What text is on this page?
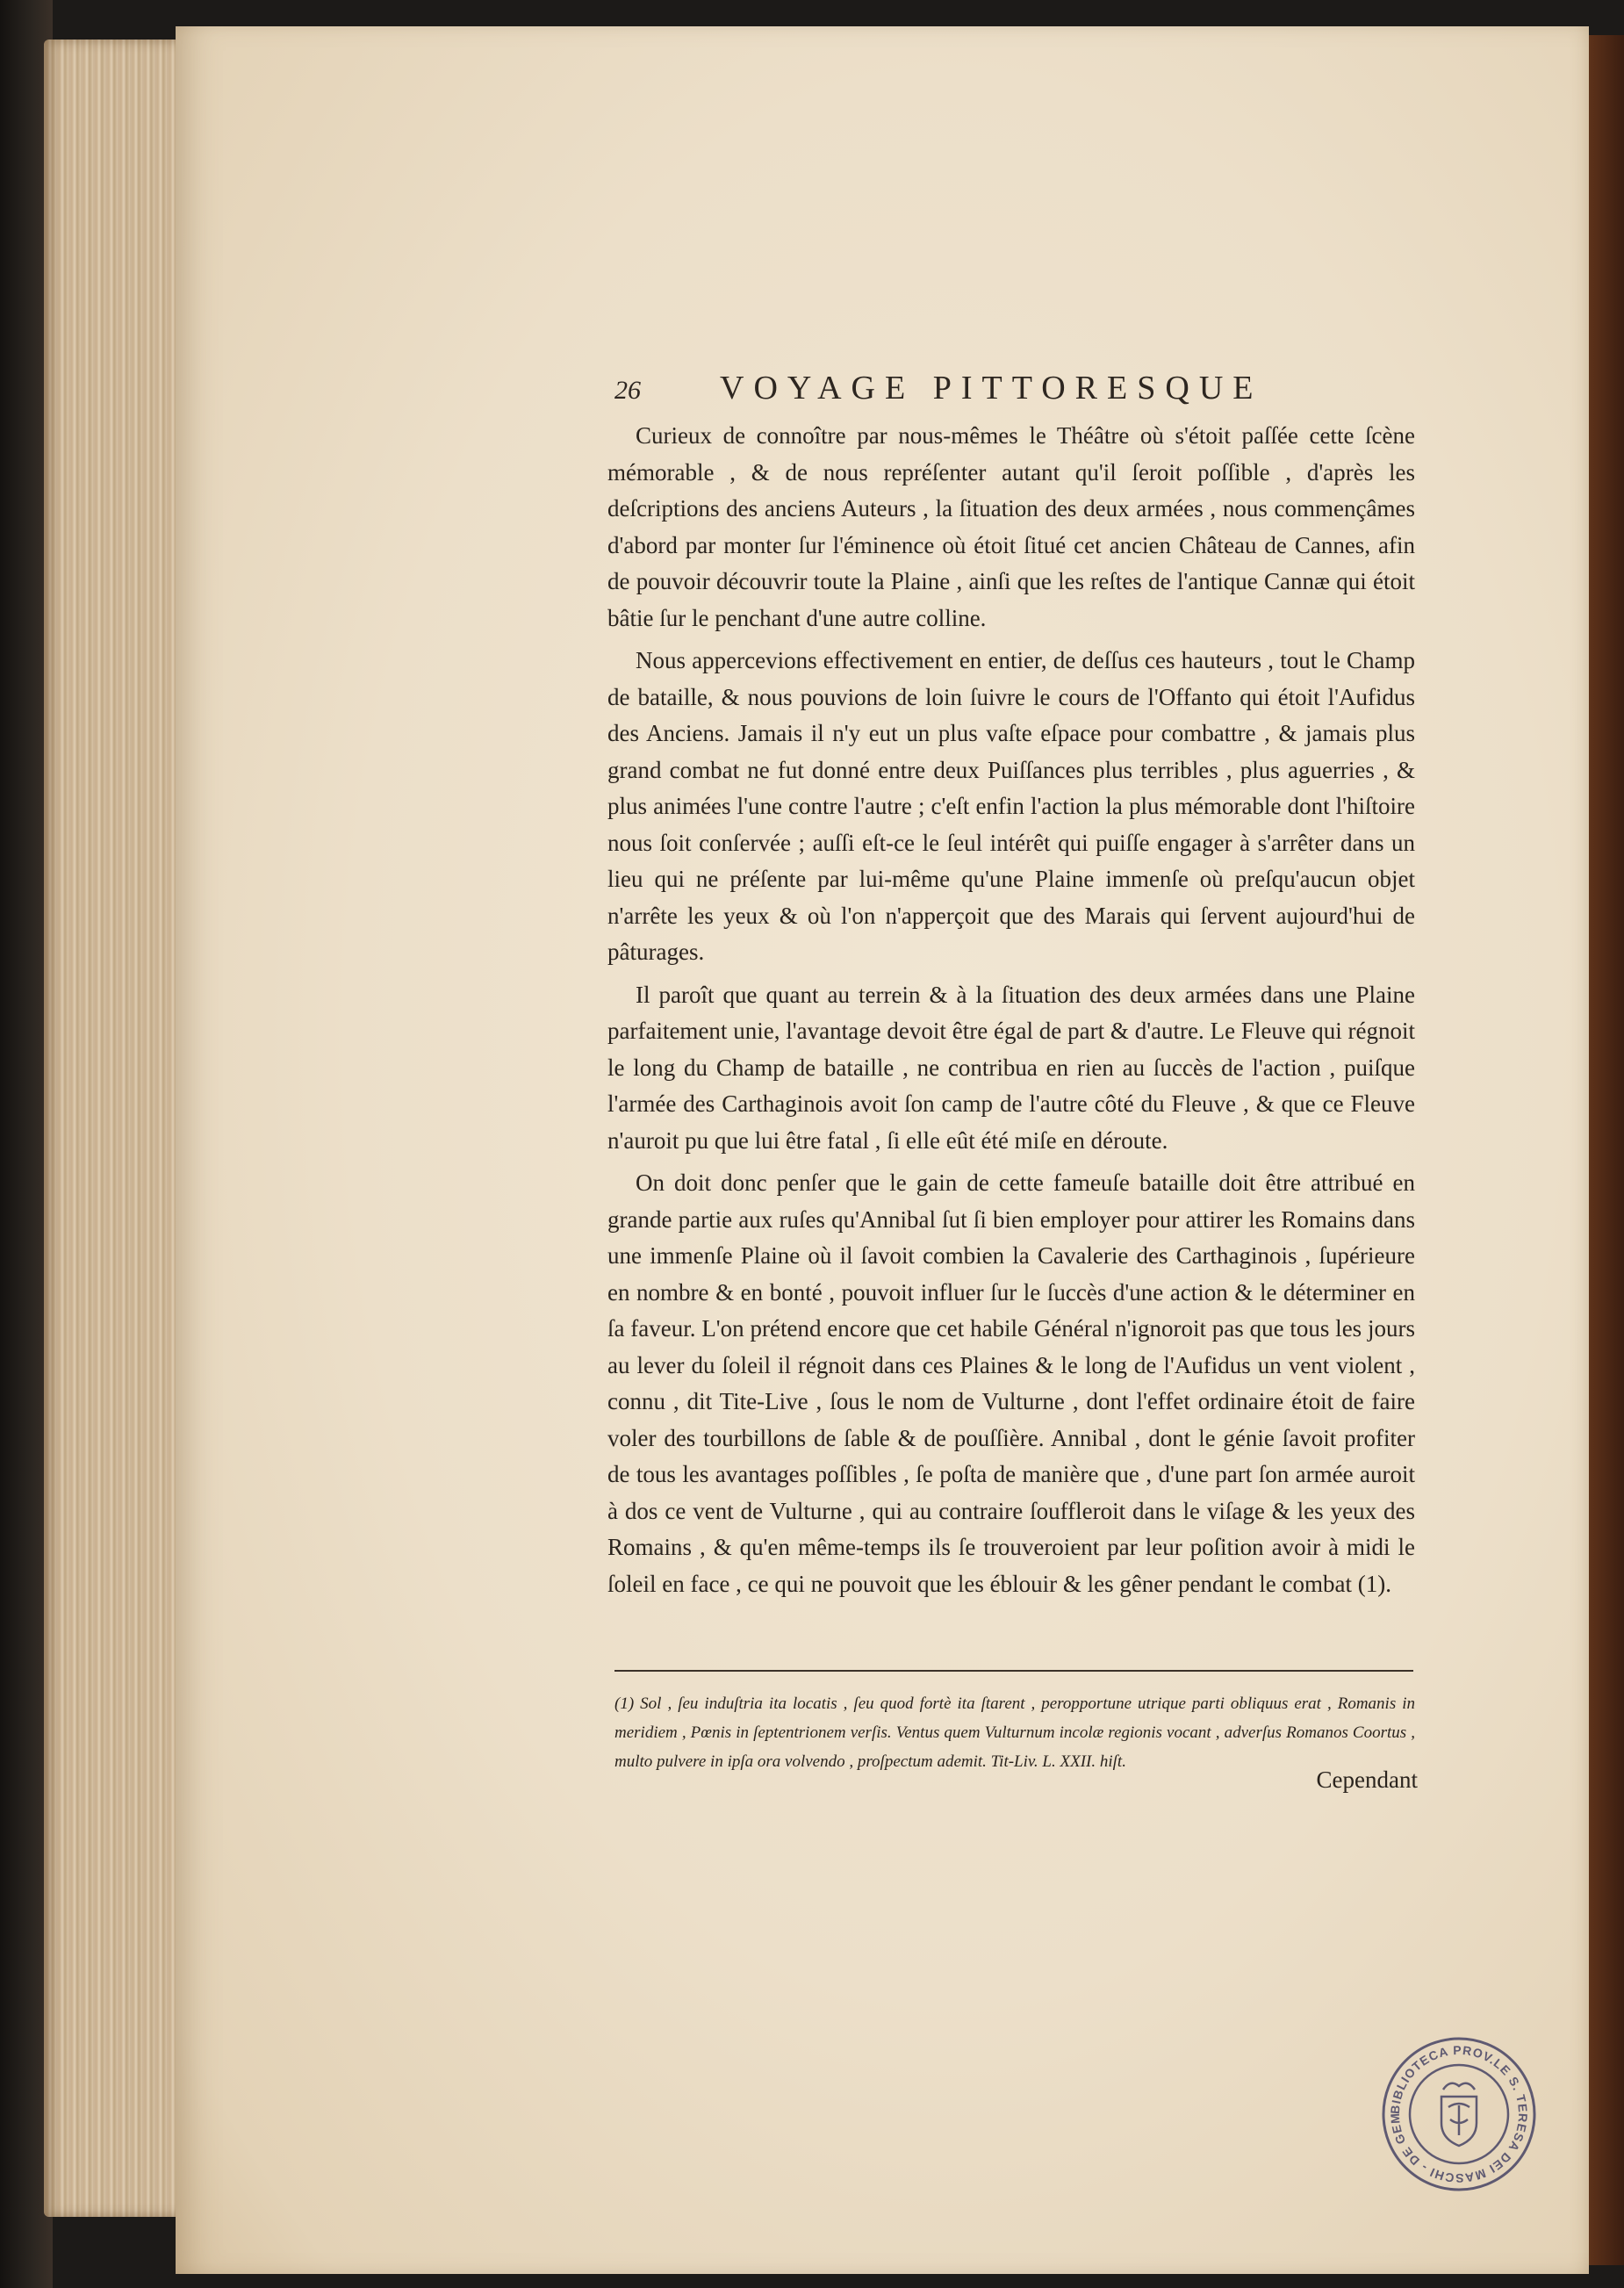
26 VOYAGE PITTORESQUE

Curieux de connoître par nous-mêmes le Théâtre où s'étoit paſſée cette ſcène mémorable , & de nous repréſenter autant qu'il ſeroit poſſible , d'après les deſcriptions des anciens Auteurs , la ſituation des deux armées , nous commençâmes d'abord par monter ſur l'éminence où étoit ſitué cet ancien Château de Cannes, afin de pouvoir découvrir toute la Plaine , ainſi que les reſtes de l'antique Cannæ qui étoit bâtie ſur le penchant d'une autre colline.

Nous appercevions effectivement en entier, de deſſus ces hauteurs , tout le Champ de bataille, & nous pouvions de loin ſuivre le cours de l'Offanto qui étoit l'Aufidus des Anciens. Jamais il n'y eut un plus vaſte eſpace pour combattre , & jamais plus grand combat ne fut donné entre deux Puiſſances plus terribles , plus aguerries , & plus animées l'une contre l'autre ; c'eſt enfin l'action la plus mémorable dont l'hiſtoire nous ſoit conſervée ; auſſi eſt-ce le ſeul intérêt qui puiſſe engager à s'arrêter dans un lieu qui ne préſente par lui-même qu'une Plaine immenſe où preſqu'aucun objet n'arrête les yeux & où l'on n'apperçoit que des Marais qui ſervent aujourd'hui de pâturages.

Il paroît que quant au terrein & à la ſituation des deux armées dans une Plaine parfaitement unie, l'avantage devoit être égal de part & d'autre. Le Fleuve qui régnoit le long du Champ de bataille , ne contribua en rien au ſuccès de l'action , puiſque l'armée des Carthaginois avoit ſon camp de l'autre côté du Fleuve , & que ce Fleuve n'auroit pu que lui être fatal , ſi elle eût été miſe en déroute.

On doit donc penſer que le gain de cette fameuſe bataille doit être attribué en grande partie aux ruſes qu'Annibal ſut ſi bien employer pour attirer les Romains dans une immenſe Plaine où il ſavoit combien la Cavalerie des Carthaginois , ſupérieure en nombre & en bonté , pouvoit influer ſur le ſuccès d'une action & le déterminer en ſa faveur. L'on prétend encore que cet habile Général n'ignoroit pas que tous les jours au lever du ſoleil il régnoit dans ces Plaines & le long de l'Aufidus un vent violent , connu , dit Tite-Live , ſous le nom de Vulturne , dont l'effet ordinaire étoit de faire voler des tourbillons de ſable & de pouſſière. Annibal , dont le génie ſavoit profiter de tous les avantages poſſibles , ſe poſta de manière que , d'une part ſon armée auroit à dos ce vent de Vulturne , qui au contraire ſouffleroit dans le viſage & les yeux des Romains , & qu'en même-temps ils ſe trouveroient par leur poſition avoir à midi le ſoleil en face , ce qui ne pouvoit que les éblouir & les gêner pendant le combat (1).

(1) Sol , ſeu induſtria ita locatis , ſeu quod fortè ita ſtarent , peropportune utrique parti obliquus erat , Romanis in meridiem , Pœnis in ſeptentrionem verſis. Ventus quem Vulturnum incolæ regionis vocant , adverſus Romanos Coortus , multo pulvere in ipſa ora volvendo , proſpectum ademit. Tit-Liv. L. XXII. hiſt.
Cependant
BIBLIOTECA PROV.LE S. TERESA DEI MASCHI - DE GEM
